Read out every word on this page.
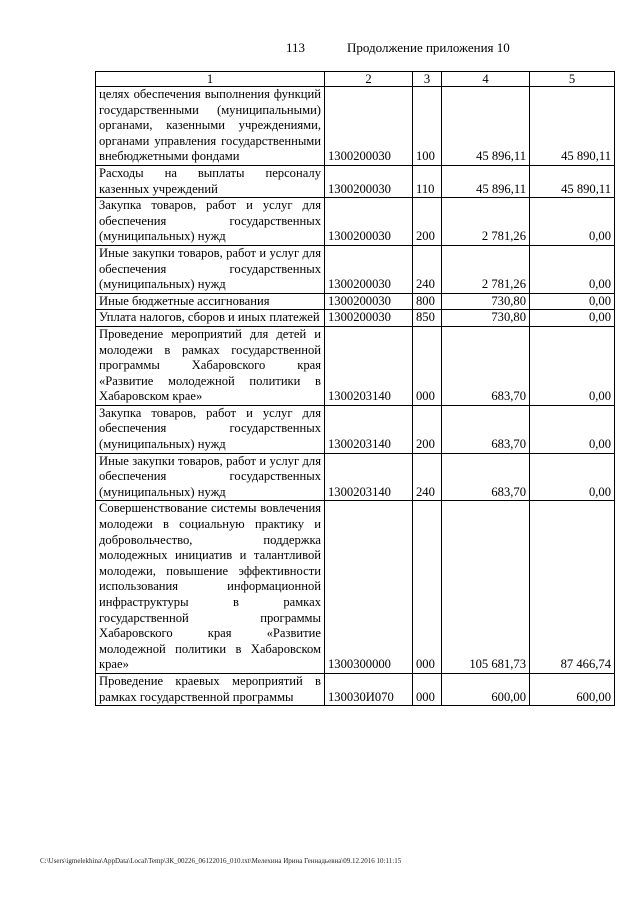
113	Продолжение приложения 10
1	2	3	4	5
целях обеспечения выполнения функций государственными (муниципальными) органами, казенными учреждениями, органами управления государственными внебюджетными фондами	1300200030	100	45 896,11	45 890,11
Расходы на выплаты персоналу казенных учреждений	1300200030	110	45 896,11	45 890,11
Закупка товаров, работ и услуг для обеспечения государственных (муниципальных) нужд	1300200030	200	2 781,26	0,00
Иные закупки товаров, работ и услуг для обеспечения государственных (муниципальных) нужд	1300200030	240	2 781,26	0,00
Иные бюджетные ассигнования	1300200030	800	730,80	0,00
Уплата налогов, сборов и иных платежей	1300200030	850	730,80	0,00
Проведение мероприятий для детей и молодежи в рамках государственной программы Хабаровского края «Развитие молодежной политики в Хабаровском крае»	1300203140	000	683,70	0,00
Закупка товаров, работ и услуг для обеспечения государственных (муниципальных) нужд	1300203140	200	683,70	0,00
Иные закупки товаров, работ и услуг для обеспечения государственных (муниципальных) нужд	1300203140	240	683,70	0,00
Совершенствование системы вовлечения молодежи в социальную практику и добровольчество, поддержка молодежных инициатив и талантливой молодежи, повышение эффективности использования информационной инфраструктуры в рамках государственной программы Хабаровского края «Развитие молодежной политики в Хабаровском крае»	1300300000	000	105 681,73	87 466,74
Проведение краевых мероприятий в рамках государственной программы	130030И070	000	600,00	600,00
C:\Users\igmelekhina\AppData\Local\Temp\ЗК_00226_06122016_010.txt\Мелехина Ирина Геннадьевна\09.12.2016 10:11:15
